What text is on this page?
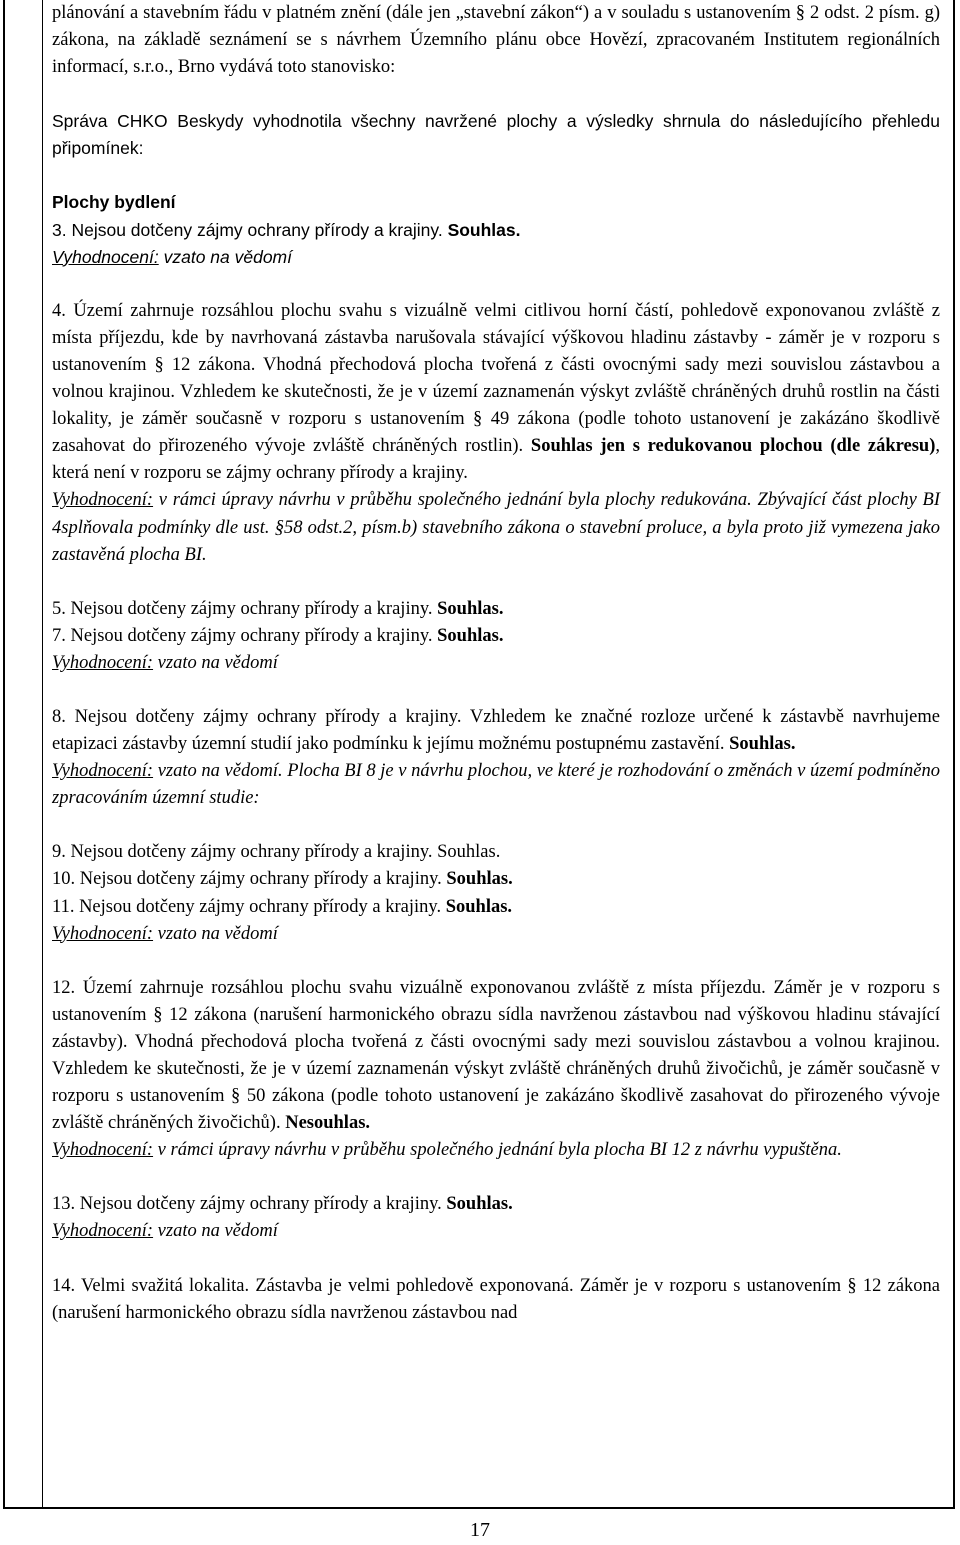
plánování a stavebním řádu v platném znění (dále jen „stavební zákon“) a v souladu s ustanovením § 2 odst. 2 písm. g) zákona, na základě seznámení se s návrhem Územního plánu obce Hovězí, zpracovaném Institutem regionálních informací, s.r.o., Brno vydává toto stanovisko:

Správa CHKO Beskydy vyhodnotila všechny navržené plochy a výsledky shrnula do následujícího přehledu připomínek:

Plochy bydlení

3. Nejsou dotčeny zájmy ochrany přírody a krajiny. Souhlas.

Vyhodnocení: vzato na vědomí

4. Území zahrnuje rozsáhlou plochu svahu s vizuálně velmi citlivou horní částí, pohledově exponovanou zvláště z místa příjezdu, kde by navrhovaná zástavba narušovala stávající výškovou hladinu zástavby - záměr je v rozporu s ustanovením § 12 zákona. Vhodná přechodová plocha tvořená z části ovocnými sady mezi souvislou zástavbou a volnou krajinou. Vzhledem ke skutečnosti, že je v území zaznamenán výskyt zvláště chráněných druhů rostlin na části lokality, je záměr současně v rozporu s ustanovením § 49 zákona (podle tohoto ustanovení je zakázáno škodlivě zasahovat do přirozeného vývoje zvláště chráněných rostlin). Souhlas jen s redukovanou plochou (dle zákresu), která není v rozporu se zájmy ochrany přírody a krajiny.

Vyhodnocení: v rámci úpravy návrhu v průběhu společného jednání byla plochy redukována. Zbývající část plochy BI 4splňovala podmínky dle ust. §58 odst.2, písm.b) stavebního zákona o stavební proluce, a byla proto již vymezena jako zastavěná plocha BI.

5. Nejsou dotčeny zájmy ochrany přírody a krajiny. Souhlas.

7. Nejsou dotčeny zájmy ochrany přírody a krajiny. Souhlas.

Vyhodnocení: vzato na vědomí

8. Nejsou dotčeny zájmy ochrany přírody a krajiny. Vzhledem ke značné rozloze určené k zástavbě navrhujeme etapizaci zástavby územní studií jako podmínku k jejímu možnému postupnému zastavění. Souhlas.

Vyhodnocení: vzato na vědomí. Plocha BI 8 je v návrhu plochou, ve které je rozhodování o změnách v území podmíněno zpracováním územní studie:

9. Nejsou dotčeny zájmy ochrany přírody a krajiny. Souhlas.

10. Nejsou dotčeny zájmy ochrany přírody a krajiny. Souhlas.

11. Nejsou dotčeny zájmy ochrany přírody a krajiny. Souhlas.

Vyhodnocení: vzato na vědomí

12. Území zahrnuje rozsáhlou plochu svahu vizuálně exponovanou zvláště z místa příjezdu. Záměr je v rozporu s ustanovením § 12 zákona (narušení harmonického obrazu sídla navrženou zástavbou nad výškovou hladinu stávající zástavby). Vhodná přechodová plocha tvořená z části ovocnými sady mezi souvislou zástavbou a volnou krajinou. Vzhledem ke skutečnosti, že je v území zaznamenán výskyt zvláště chráněných druhů živočichů, je záměr současně v rozporu s ustanovením § 50 zákona (podle tohoto ustanovení je zakázáno škodlivě zasahovat do přirozeného vývoje zvláště chráněných živočichů). Nesouhlas.

Vyhodnocení: v rámci úpravy návrhu v průběhu společného jednání byla plocha BI 12 z návrhu vypuštěna.

13. Nejsou dotčeny zájmy ochrany přírody a krajiny. Souhlas.

Vyhodnocení: vzato na vědomí

14. Velmi svažitá lokalita. Zástavba je velmi pohledově exponovaná. Záměr je v rozporu s ustanovením § 12 zákona (narušení harmonického obrazu sídla navrženou zástavbou nad

17
